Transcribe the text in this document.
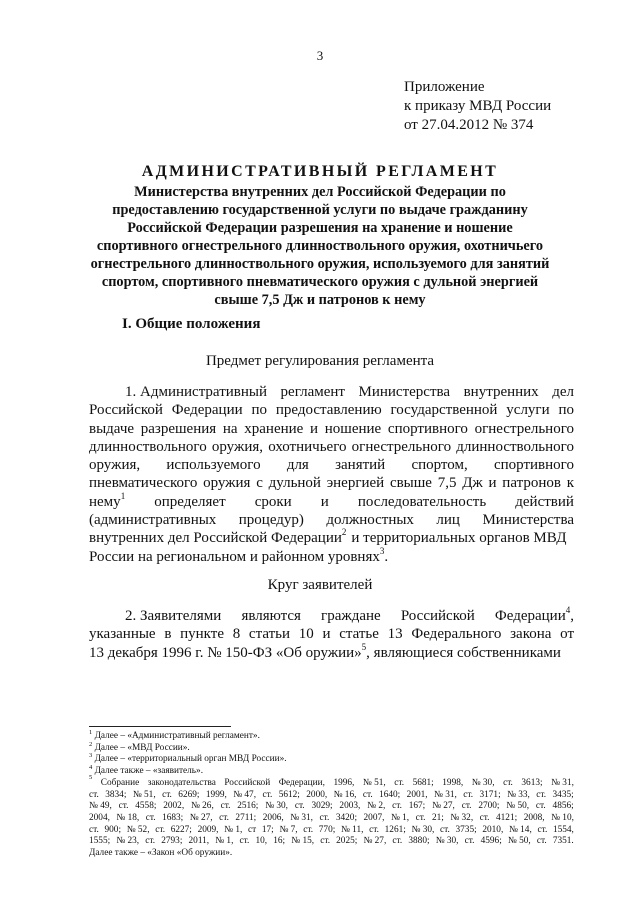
3
Приложение
к приказу МВД России
от 27.04.2012 № 374
АДМИНИСТРАТИВНЫЙ РЕГЛАМЕНТ
Министерства внутренних дел Российской Федерации по
предоставлению государственной услуги по выдаче гражданину
Российской Федерации разрешения на хранение и ношение
спортивного огнестрельного длинноствольного оружия, охотничьего
огнестрельного длинноствольного оружия, используемого для занятий
спортом, спортивного пневматического оружия с дульной энергией
свыше 7,5 Дж и патронов к нему
I. Общие положения
Предмет регулирования регламента
1. Административный регламент Министерства внутренних дел
Российской Федерации по предоставлению государственной услуги по
выдаче разрешения на хранение и ношение спортивного огнестрельного
длинноствольного оружия, охотничьего огнестрельного длинноствольного
оружия, используемого для занятий спортом, спортивного
пневматического оружия с дульной энергией свыше 7,5 Дж и патронов к
нему$^1$ определяет сроки и последовательность действий
(административных процедур) должностных лиц Министерства
внутренних дел Российской Федерации$^2$ и территориальных органов МВД
России на региональном и районном уровнях$^3$.
Круг заявителей
2. Заявителями являются граждане Российской Федерации$^4$,
указанные в пункте 8 статьи 10 и статье 13 Федерального закона от
13 декабря 1996 г. № 150-ФЗ «Об оружии»$^5$, являющиеся собственниками
$^1$ Далее – «Административный регламент».
$^2$ Далее – «МВД России».
$^3$ Далее – «территориальный орган МВД России».
$^4$ Далее также – «заявитель».
5
Собрание законодательства Российской Федерации, 1996, № 51, ст. 5681; 1998, № 30, ст. 3613; № 31,
ст. 3834; № 51, ст. 6269; 1999, № 47, ст. 5612; 2000, № 16, ст. 1640; 2001, № 31, ст. 3171; № 33, ст. 3435;
№ 49, ст. 4558; 2002, № 26, ст. 2516; № 30, ст. 3029; 2003, № 2, ст. 167; № 27, ст. 2700; № 50, ст. 4856;
2004, № 18, ст. 1683; № 27, ст. 2711; 2006, № 31, ст. 3420; 2007, № 1, ст. 21; № 32, ст. 4121; 2008, № 10,
ст. 900; № 52, ст. 6227; 2009, № 1, ст 17; № 7, ст. 770; № 11, ст. 1261; № 30, ст. 3735; 2010, № 14, ст. 1554,
1555; № 23, ст. 2793; 2011, № 1, ст. 10, 16; № 15, ст. 2025; № 27, ст. 3880; № 30, ст. 4596; № 50, ст. 7351.
Далее также – «Закон «Об оружии».
